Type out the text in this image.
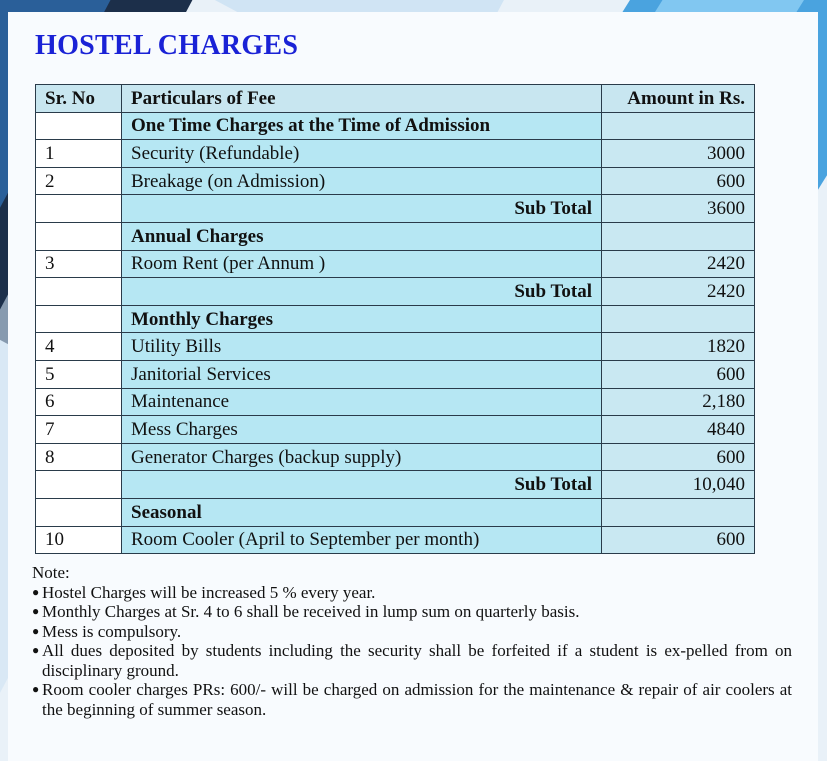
HOSTEL CHARGES
Sr. No	Particulars of Fee	Amount in Rs.
	One Time Charges at the Time of Admission	
1	Security (Refundable)	3000
2	Breakage (on Admission)	600
	Sub Total	3600
	Annual Charges	
3	Room Rent (per Annum )	2420
	Sub Total	2420
	Monthly Charges	
4	Utility Bills	1820
5	Janitorial Services	600
6	Maintenance	2,180
7	Mess Charges	4840
8	Generator Charges (backup supply)	600
	Sub Total	10,040
	Seasonal	
10	Room Cooler (April to September per month)	600
Note:
● Hostel Charges will be increased 5 % every year.
● Monthly Charges at Sr. 4 to 6 shall be received in lump sum on quarterly basis.
● Mess is compulsory.
● All dues deposited by students including the security shall be forfeited if a student is ex-pelled from on disciplinary ground.
● Room cooler charges PRs: 600/- will be charged on admission for the maintenance & repair of air coolers at the beginning of summer season.
